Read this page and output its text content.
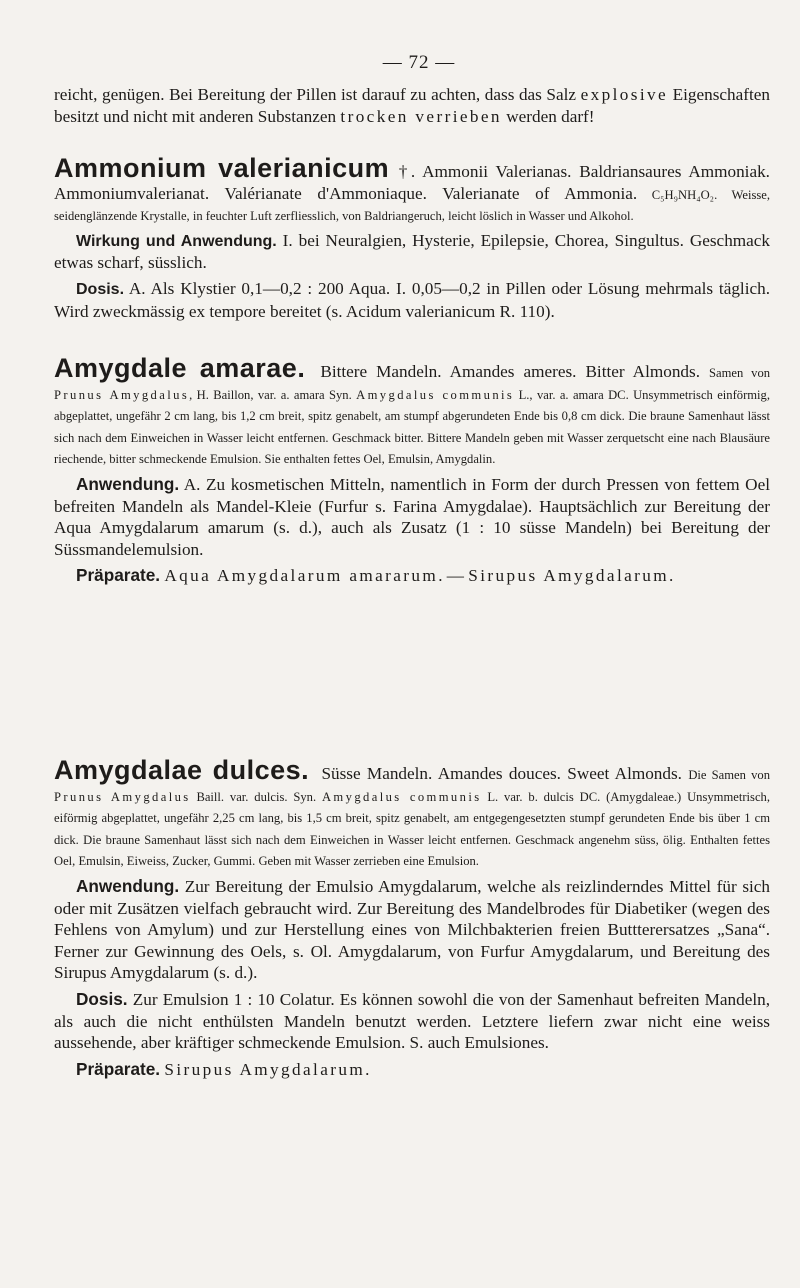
— 72 —

reicht, genügen. Bei Bereitung der Pillen ist darauf zu achten, dass das Salz explosive Eigenschaften besitzt und nicht mit anderen Substanzen trocken verrieben werden darf!

Ammonium valerianicum †. Ammonii Valerianas. Baldriansaures Ammoniak. Ammoniumvalerianat. Valérianate d'Ammoniaque. Valerianate of Ammonia. C₅H₉NH₄O₂. Weisse, seidenglänzende Krystalle, in feuchter Luft zerfliesslich, von Baldriangeruch, leicht löslich in Wasser und Alkohol.

Wirkung und Anwendung. I. bei Neuralgien, Hysterie, Epilepsie, Chorea, Singultus. Geschmack etwas scharf, süsslich.

Dosis. A. Als Klystier 0,1—0,2 : 200 Aqua. I. 0,05—0,2 in Pillen oder Lösung mehrmals täglich. Wird zweckmässig ex tempore bereitet (s. Acidum valerianicum R. 110).

Amygdale amarae. Bittere Mandeln. Amandes ameres. Bitter Almonds. Samen von Prunus Amygdalus, H. Baillon, var. a. amara Syn. Amygdalus communis L., var. a. amara DC. Unsymmetrisch einförmig, abgeplattet, ungefähr 2 cm lang, bis 1,2 cm breit, spitz genabelt, am stumpf abgerundeten Ende bis 0,8 cm dick. Die braune Samenhaut lässt sich nach dem Einweichen in Wasser leicht entfernen. Geschmack bitter. Bittere Mandeln geben mit Wasser zerquetscht eine nach Blausäure riechende, bitter schmeckende Emulsion. Sie enthalten fettes Oel, Emulsin, Amygdalin.

Anwendung. A. Zu kosmetischen Mitteln, namentlich in Form der durch Pressen von fettem Oel befreiten Mandeln als Mandel-Kleie (Furfur s. Farina Amygdalae). Hauptsächlich zur Bereitung der Aqua Amygdalarum amarum (s. d.), auch als Zusatz (1 : 10 süsse Mandeln) bei Bereitung der Süssmandelemulsion.

Präparate. Aqua Amygdalarum amararum. — Sirupus Amygdalarum.

Amygdalae dulces. Süsse Mandeln. Amandes douces. Sweet Almonds. Die Samen von Prunus Amygdalus Baill. var. dulcis. Syn. Amygdalus communis L. var. b. dulcis DC. (Amygdaleae.) Unsymmetrisch, eiförmig abgeplattet, ungefähr 2,25 cm lang, bis 1,5 cm breit, spitz genabelt, am entgegengesetzten stumpf gerundeten Ende bis über 1 cm dick. Die braune Samenhaut lässt sich nach dem Einweichen in Wasser leicht entfernen. Geschmack angenehm süss, ölig. Enthalten fettes Oel, Emulsin, Eiweiss, Zucker, Gummi. Geben mit Wasser zerrieben eine Emulsion.

Anwendung. Zur Bereitung der Emulsio Amygdalarum, welche als reizlinderndes Mittel für sich oder mit Zusätzen vielfach gebraucht wird. Zur Bereitung des Mandelbrodes für Diabetiker (wegen des Fehlens von Amylum) und zur Herstellung eines von Milchbakterien freien Buttterersatzes „Sana“. Ferner zur Gewinnung des Oels, s. Ol. Amygdalarum, von Furfur Amygdalarum, und Bereitung des Sirupus Amygdalarum (s. d.).

Dosis. Zur Emulsion 1 : 10 Colatur. Es können sowohl die von der Samenhaut befreiten Mandeln, als auch die nicht enthülsten Mandeln benutzt werden. Letztere liefern zwar nicht eine weiss aussehende, aber kräftiger schmeckende Emulsion. S. auch Emulsiones.

Präparate. Sirupus Amygdalarum.
